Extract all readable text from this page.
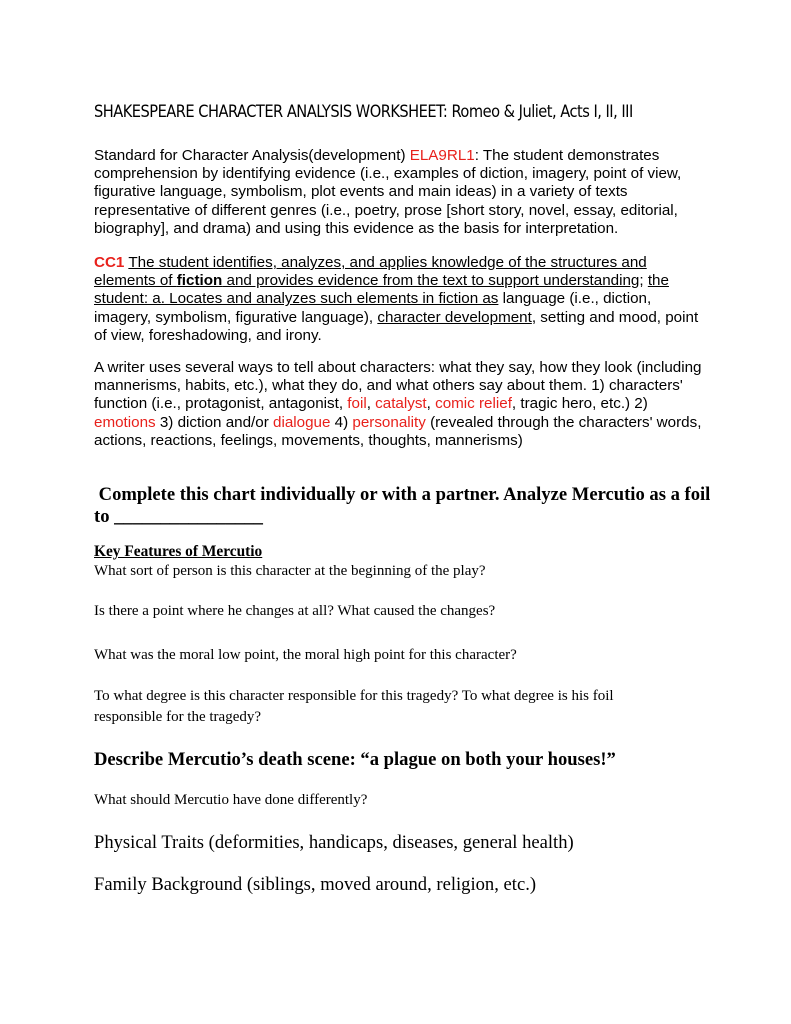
SHAKESPEARE CHARACTER ANALYSIS WORKSHEET: Romeo & Juliet, Acts I, II, III

Standard for Character Analysis(development) ELA9RL1: The student demonstrates comprehension by identifying evidence (i.e., examples of diction, imagery, point of view, figurative language, symbolism, plot events and main ideas) in a variety of texts representative of different genres (i.e., poetry, prose [short story, novel, essay, editorial, biography], and drama) and using this evidence as the basis for interpretation.

CC1 The student identifies, analyzes, and applies knowledge of the structures and elements of fiction and provides evidence from the text to support understanding; the student: a. Locates and analyzes such elements in fiction as language (i.e., diction, imagery, symbolism, figurative language), character development, setting and mood, point of view, foreshadowing, and irony.

A writer uses several ways to tell about characters: what they say, how they look (including mannerisms, habits, etc.), what they do, and what others say about them. 1) characters' function (i.e., protagonist, antagonist, foil, catalyst, comic relief, tragic hero, etc.) 2) emotions 3) diction and/or dialogue 4) personality (revealed through the characters' words, actions, reactions, feelings, movements, thoughts, mannerisms)

Complete this chart individually or with a partner. Analyze Mercutio as a foil to ________________

Key Features of Mercutio

What sort of person is this character at the beginning of the play?

Is there a point where he changes at all? What caused the changes?

What was the moral low point, the moral high point for this character?

To what degree is this character responsible for this tragedy? To what degree is his foil responsible for the tragedy?

Describe Mercutio’s death scene: “a plague on both your houses!”

What should Mercutio have done differently?

Physical Traits (deformities, handicaps, diseases, general health)

Family Background (siblings, moved around, religion, etc.)
